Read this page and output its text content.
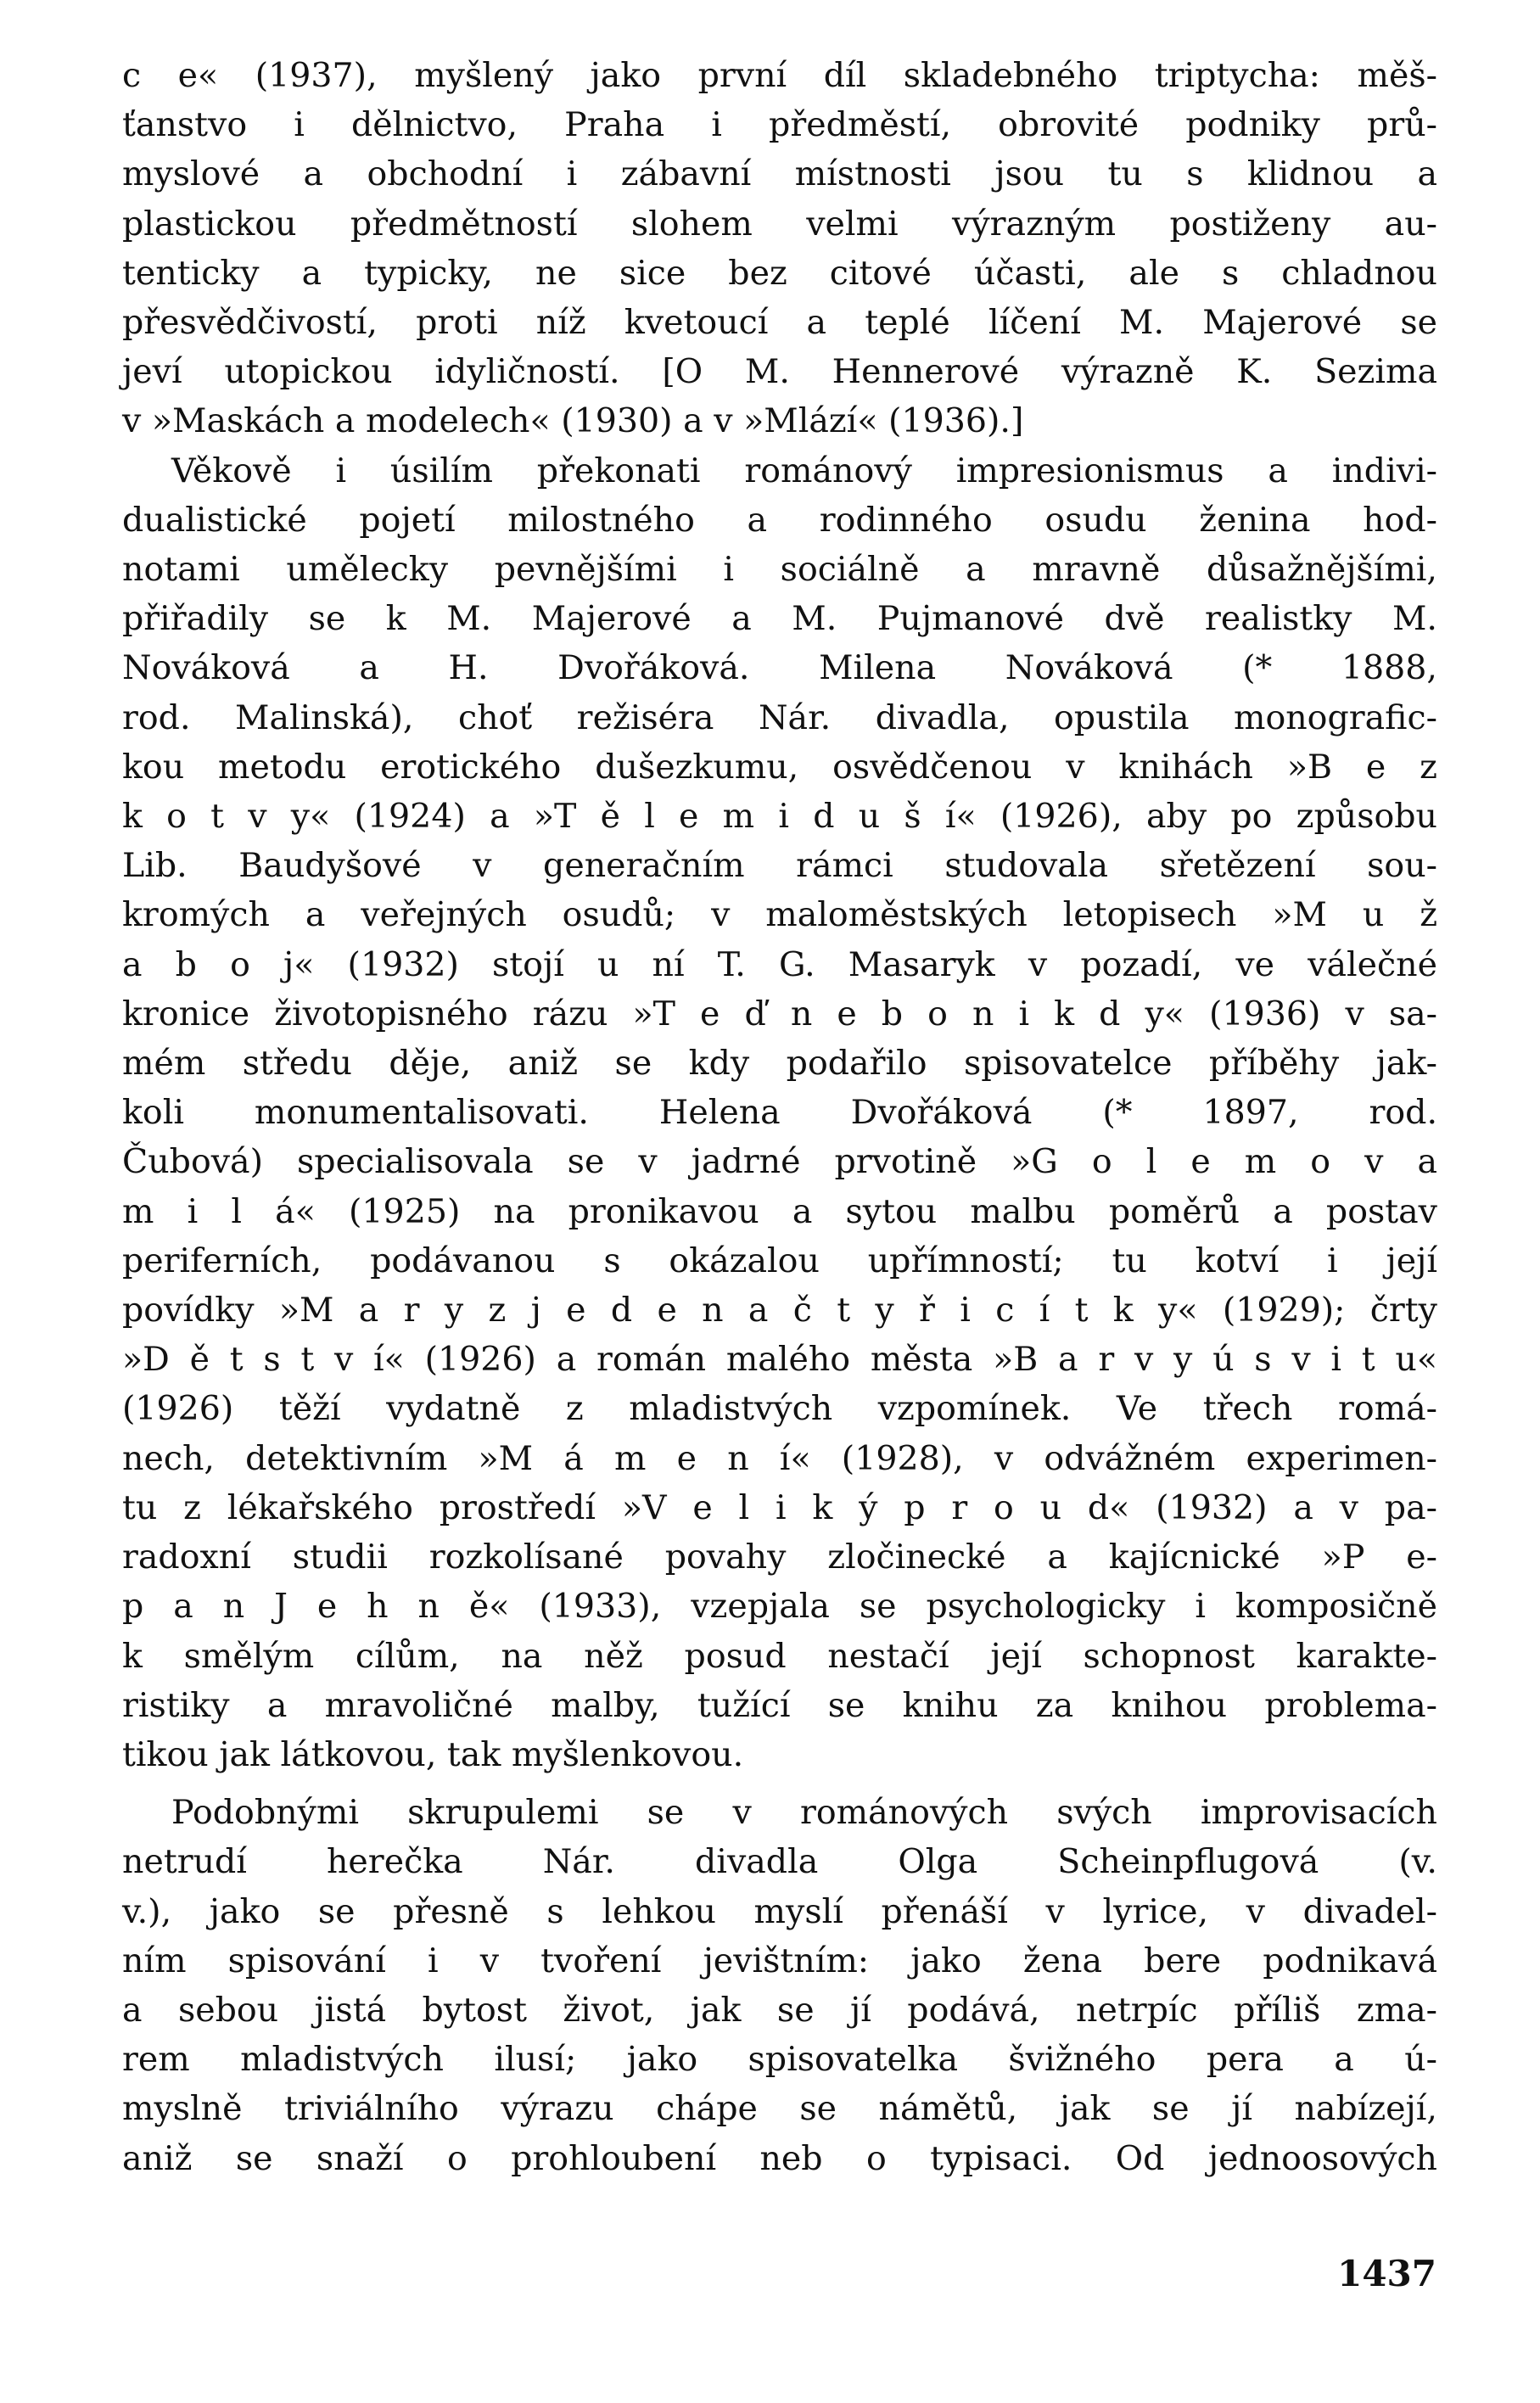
c e« (1937), myšlený jako první díl skladebného triptycha: měš-
ťanstvo i dělnictvo, Praha i předměstí, obrovité podniky prů-
myslové a obchodní i zábavní místnosti jsou tu s klidnou a
plastickou předmětností slohem velmi výrazným postiženy au-
tenticky a typicky, ne sice bez citové účasti, ale s chladnou
přesvědčivostí, proti níž kvetoucí a teplé líčení M. Majerové se
jeví utopickou idyličností. [O M. Hennerové výrazně K. Sezima
v »Maskách a modelech« (1930) a v »Mlází« (1936).]
Věkově i úsilím překonati románový impresionismus a indivi-
dualistické pojetí milostného a rodinného osudu ženina hod-
notami umělecky pevnějšími i sociálně a mravně důsažnějšími,
přiřadily se k M. Majerové a M. Pujmanové dvě realistky M.
Nováková a H. Dvořáková. Milena Nováková (* 1888,
rod. Malinská), choť režiséra Nár. divadla, opustila monografic-
kou metodu erotického dušezkumu, osvědčenou v knihách »B e z
k o t v y« (1924) a »T ě l e m i d u š í« (1926), aby po způsobu
Lib. Baudyšové v generačním rámci studovala sřetězení sou-
kromých a veřejných osudů; v maloměstských letopisech »M u ž
a b o j« (1932) stojí u ní T. G. Masaryk v pozadí, ve válečné
kronice životopisného rázu »T e ď n e b o n i k d y« (1936) v sa-
mém středu děje, aniž se kdy podařilo spisovatelce příběhy jak-
koli monumentalisovati. Helena Dvořáková (* 1897, rod.
Čubová) specialisovala se v jadrné prvotině »G o l e m o v a
m i l á« (1925) na pronikavou a sytou malbu poměrů a postav
periferních, podávanou s okázalou upřímností; tu kotví i její
povídky »M a r y z j e d e n a č t y ř i c í t k y« (1929); črty
»D ě t s t v í« (1926) a román malého města »B a r v y ú s v i t u«
(1926) těží vydatně z mladistvých vzpomínek. Ve třech romá-
nech, detektivním »M á m e n í« (1928), v odvážném experimen-
tu z lékařského prostředí »V e l i k ý p r o u d« (1932) a v pa-
radoxní studii rozkolísané povahy zločinecké a kajícnické »P e-
p a n J e h n ě« (1933), vzepjala se psychologicky i komposičně
k smělým cílům, na něž posud nestačí její schopnost karakte-
ristiky a mravoličné malby, tužící se knihu za knihou problema-
tikou jak látkovou, tak myšlenkovou.
Podobnými skrupulemi se v románových svých improvisacích
netrudí herečka Nár. divadla Olga Scheinpflugová (v.
v.), jako se přesně s lehkou myslí přenáší v lyrice, v divadel-
ním spisování i v tvoření jevištním: jako žena bere podnikavá
a sebou jistá bytost život, jak se jí podává, netrpíc příliš zma-
rem mladistvých ilusí; jako spisovatelka švižného pera a ú-
myslně triviálního výrazu chápe se námětů, jak se jí nabízejí,
aniž se snaží o prohloubení neb o typisaci. Od jednoosových
1437
